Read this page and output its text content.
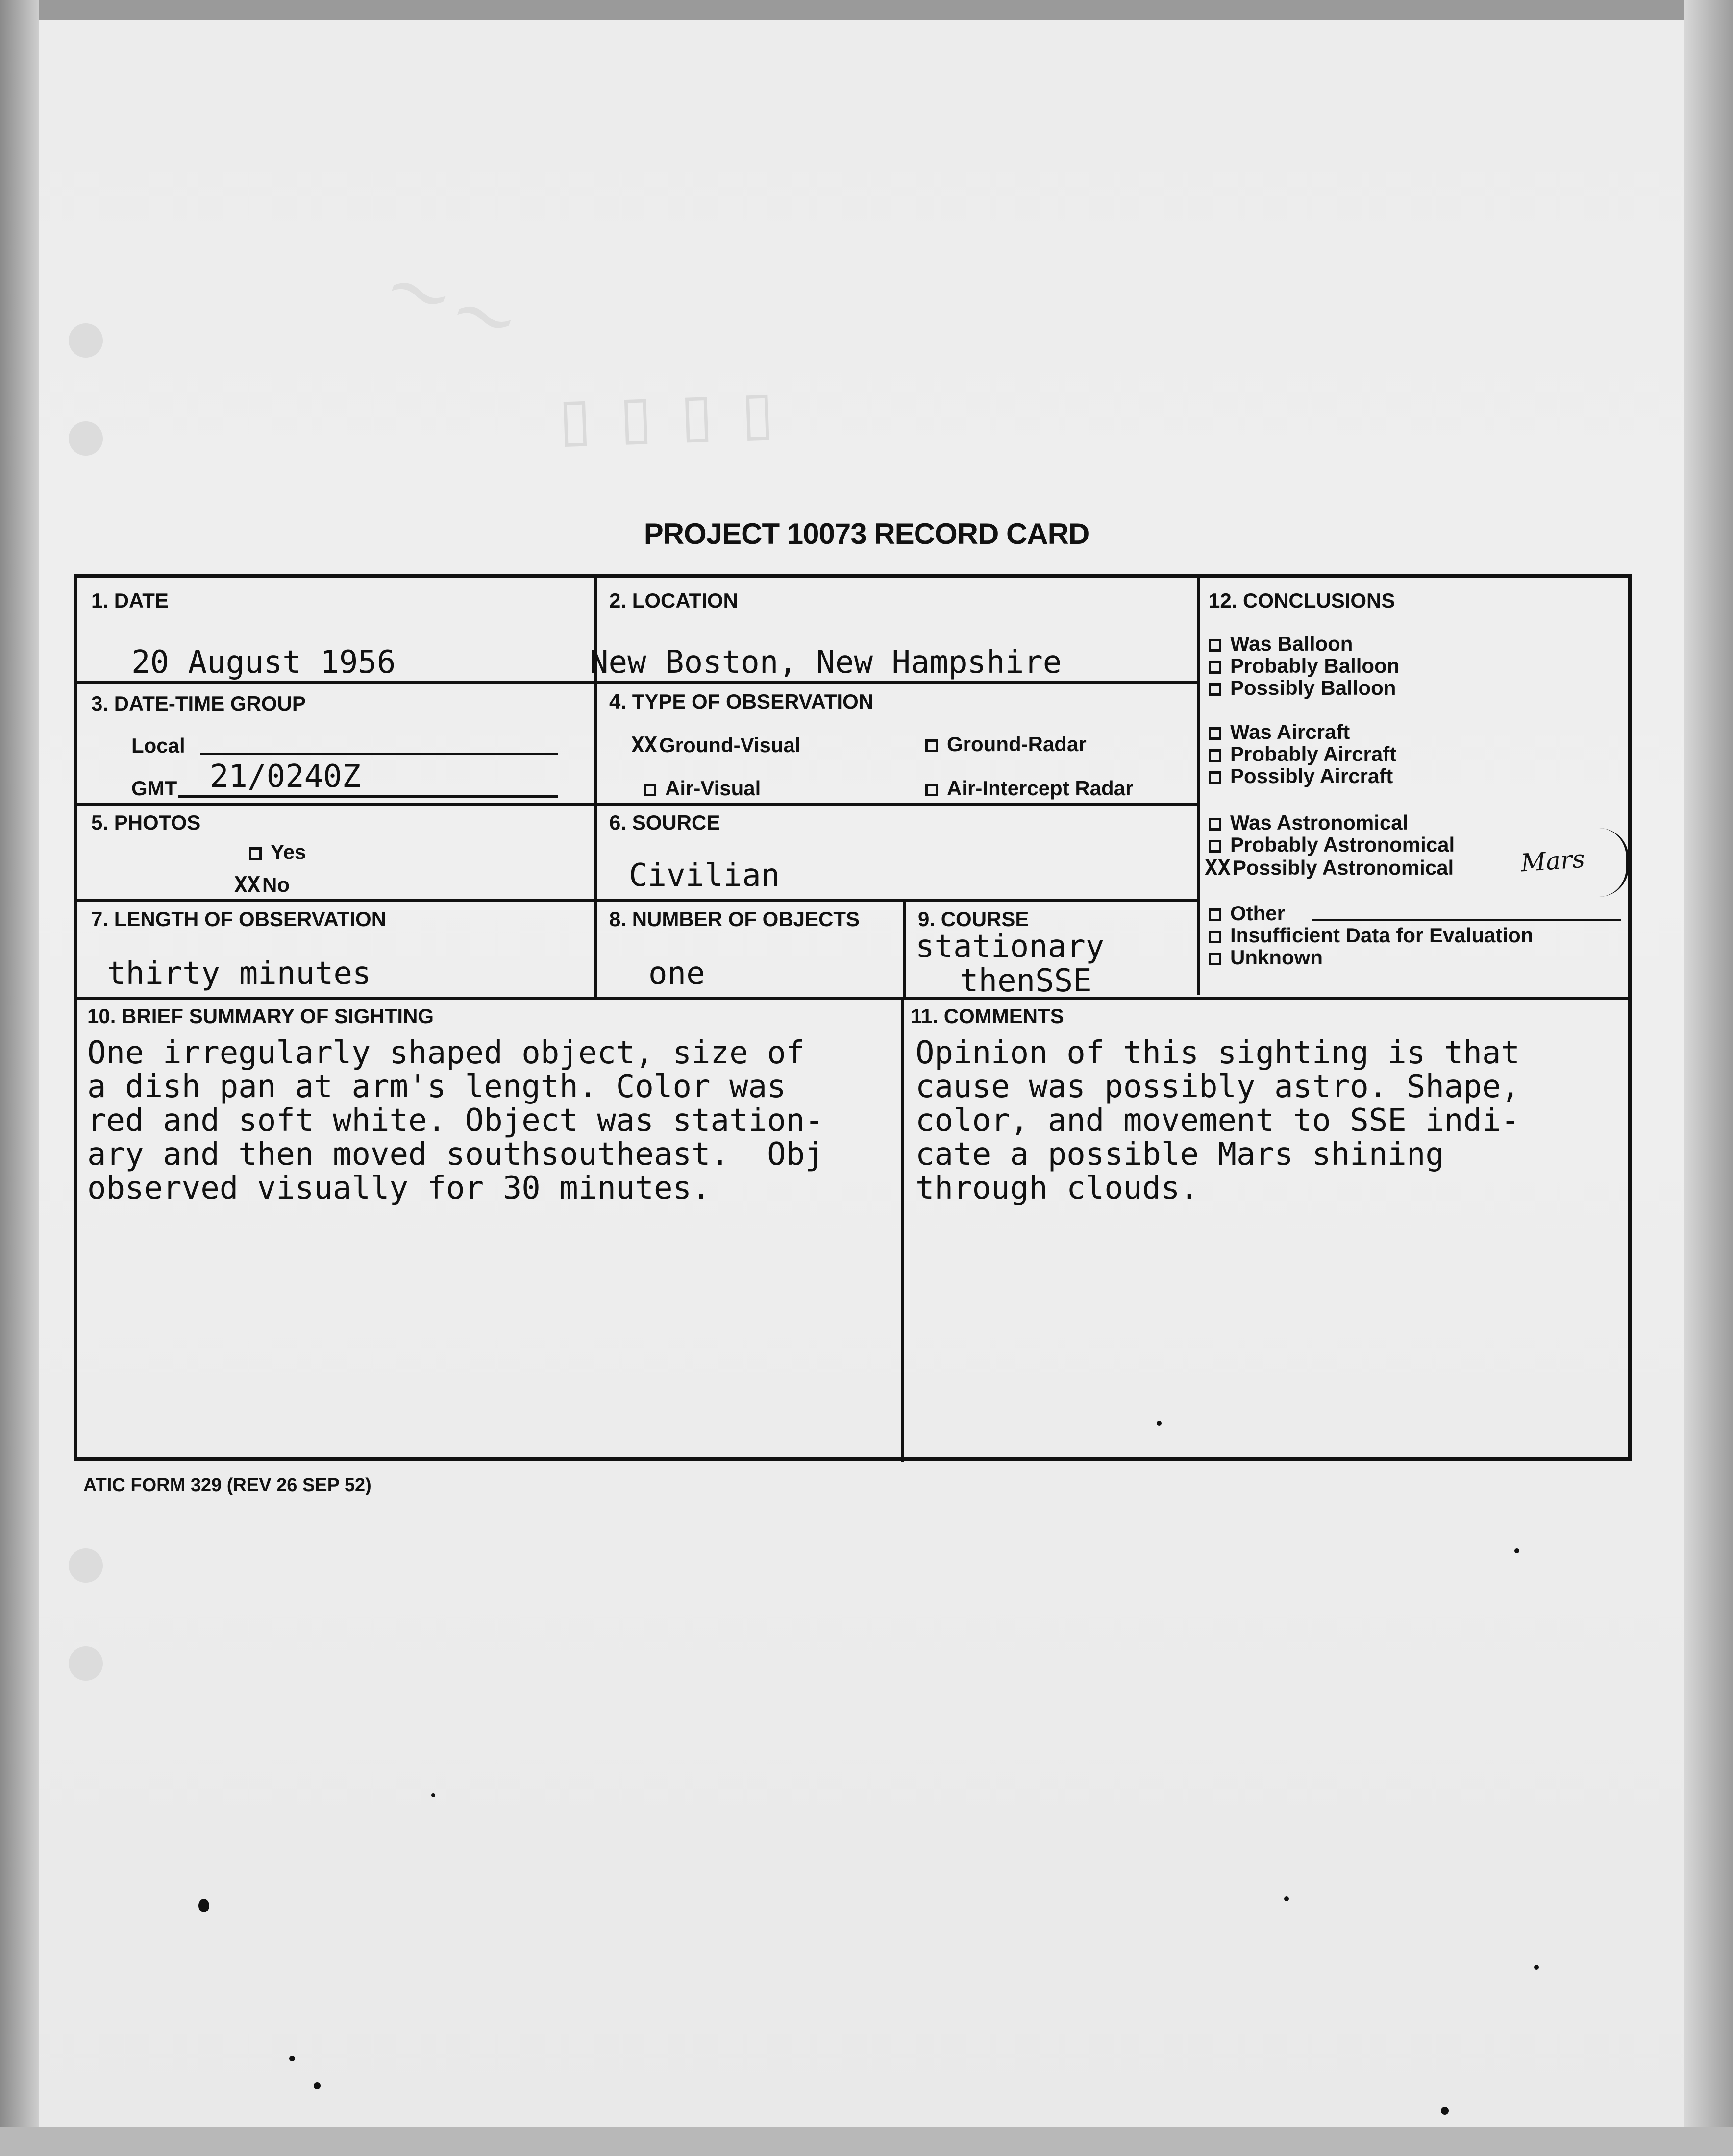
~~
▯ ▯ ▯ ▯
PROJECT 10073 RECORD CARD
1. DATE
20 August 1956
2. LOCATION
New Boston, New Hampshire
3. DATE-TIME GROUP
Local
GMT 21/0240Z
4. TYPE OF OBSERVATION
XXGround-Visual	Ground-Radar
Air-Visual	Air-Intercept Radar
5. PHOTOS
Yes
XXNo
6. SOURCE
Civilian
7. LENGTH OF OBSERVATION
thirty minutes
8. NUMBER OF OBJECTS
one
9. COURSE
stationary
thenSSE
12. CONCLUSIONS
Was Balloon
Probably Balloon
Possibly Balloon
Was Aircraft
Probably Aircraft
Possibly Aircraft
Was Astronomical
Probably Astronomical
XXPossibly Astronomical	Mars
Other
Insufficient Data for Evaluation
Unknown
10. BRIEF SUMMARY OF SIGHTING
One irregularly shaped object, size of
a dish pan at arm's length. Color was
red and soft white. Object was station-
ary and then moved southsoutheast.  Obj
observed visually for 30 minutes.
11. COMMENTS
Opinion of this sighting is that
cause was possibly astro. Shape,
color, and movement to SSE indi-
cate a possible Mars shining
through clouds.
ATIC FORM 329 (REV 26 SEP 52)
